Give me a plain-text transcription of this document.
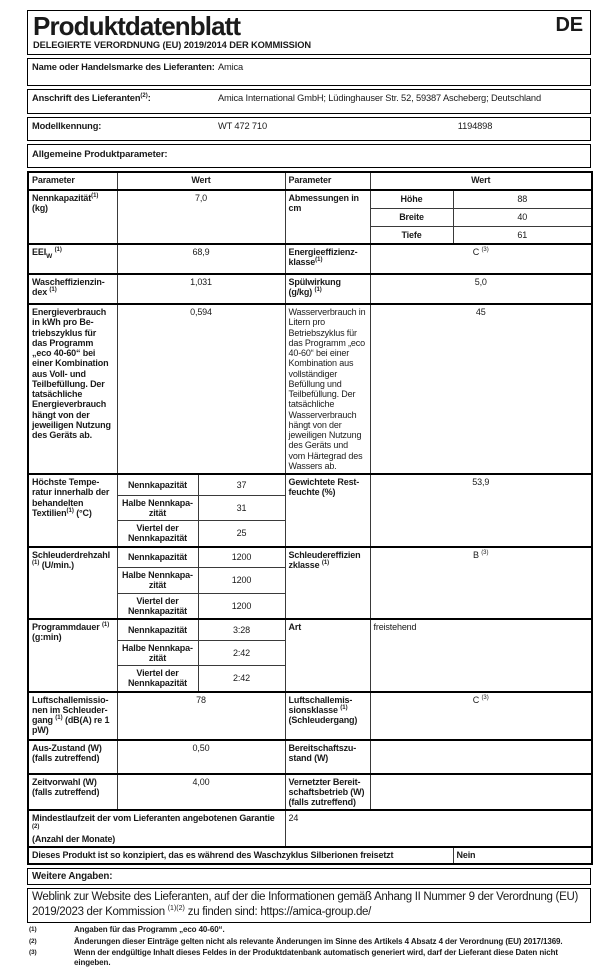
Produktdatenblatt	DE
DELEGIERTE VERORDNUNG (EU) 2019/2014 DER KOMMISSION
Name oder Handelsmarke des Lieferanten: Amica
Anschrift des Lieferanten$^{(2)}$:	Amica International GmbH; Lüdinghauser Str. 52, 59387 Ascheberg; Deutschland
Modellkennung:	WT 472 710	1194898
Allgemeine Produktparameter:
Parameter	Wert		Parameter	Wert	
Nennkapazität$^{(1)}$
(kg)	7,0		Abmessungen in cm	Höhe	88
				Breite	40
				Tiefe	61
$EEI_W$ $^{(1)}$	68,9		Energieeffizienzklasse$^{(1)}$	C $^{(3)}$
Wascheffizienzindex $^{(1)}$	1,031		Spülwirkung (g/kg) $^{(1)}$	5,0	
Energieverbrauch in kWh pro Betriebszyklus für das Programm „eco 40-60“ bei einer Kombination aus Voll- und Teilbefüllung. Der tatsächliche Energieverbrauch hängt von der jeweiligen Nutzung des Geräts ab.	0,594	Wasserverbrauch in Litern pro Betriebszyklus für das Programm „eco 40-60“ bei einer Kombination aus vollständiger Befüllung und Teilbefüllung. Der tatsächliche Wasserverbrauch hängt von der jeweiligen Nutzung des Geräts und vom Härtegrad des Wassers ab.	45
Höchste Temperatur innerhalb der behandelten Textilien$^{(1)}$ (°C)	Nennkapazität	37	Gewichtete Restfeuchte (%)	53,9	
	Halbe Nennkapazität	31			
	Viertel der Nennkapazität	25			
Schleuderdrehzahl $^{(1)}$ (U/min.)	Nennkapazität	1200	Schleudereffizienzklasse $^{(1)}$	B $^{(3)}$
	Halbe Nennkapazität	1200			
	Viertel der Nennkapazität	1200			
Programmdauer $^{(1)}$ (g:min)	Nennkapazität	3:28	Art	freistehend	
	Halbe Nennkapazität	2:42			
	Viertel der Nennkapazität	2:42			
Luftschallemissionen im Schleudergang $^{(1)}$ (dB(A) re 1 pW)	78		Luftschallemissionsklasse $^{(1)}$
(Schleudergang)	C $^{(3)}$
Aus-Zustand (W) (falls zutreffend)	0,50		Bereitschaftszustand (W)		
Zeitvorwahl (W) (falls zutreffend)	4,00		Vernetzter Bereitschaftsbetrieb (W) (falls zutreffend)		
Mindestlaufzeit der vom Lieferanten angebotenen Garantie $^{(2)}$
(Anzahl der Monate)			24		
Dieses Produkt ist so konzipiert, das es während des Waschzyklus Silberionen freisetzt					Nein
Weitere Angaben:
Weblink zur Website des Lieferanten, auf der die Informationen gemäß Anhang II Nummer 9 der Verordnung (EU) 2019/2023 der Kommission $^{(1)(2)}$ zu finden sind: https://amica-group.de/
(1)	Angaben für das Programm „eco 40-60“.
(2)	Änderungen dieser Einträge gelten nicht als relevante Änderungen im Sinne des Artikels 4 Absatz 4 der Verordnung (EU) 2017/1369.
(3)	Wenn der endgültige Inhalt dieses Feldes in der Produktdatenbank automatisch generiert wird, darf der Lieferant diese Daten nicht eingeben.
